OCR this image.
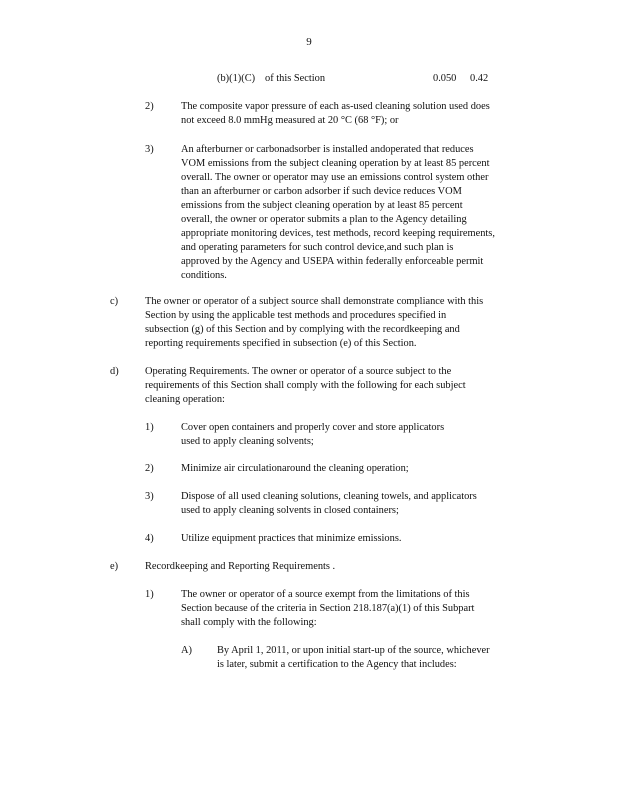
9
(b)(1)(C) of this Section	0.050 0.42
2)	The composite vapor pressure of each as-used cleaning solution used does
not exceed 8.0 mmHg measured at 20 °C (68 °F); or
3)	An afterburner or carbonadsorber is installed andoperated that reduces
VOM emissions from the subject cleaning operation by at least 85 percent
overall. The owner or operator may use an emissions control system other
than an afterburner or carbon adsorber if such device reduces VOM
emissions from the subject cleaning operation by at least 85 percent
overall, the owner or operator submits a plan to the Agency detailing
appropriate monitoring devices, test methods, record keeping requirements,
and operating parameters for such control device,and such plan is
approved by the Agency and USEPA within federally enforceable permit
conditions.
c)	The owner or operator of a subject source shall demonstrate compliance with this
Section by using the applicable test methods and procedures specified in
subsection (g) of this Section and by complying with the recordkeeping and
reporting requirements specified in subsection (e) of this Section.
d)	Operating Requirements. The owner or operator of a source subject to the
requirements of this Section shall comply with the following for each subject
cleaning operation:
1)	Cover open containers and properly cover and store applicators
used to apply cleaning solvents;
2)	Minimize air circulationaround the cleaning operation;
3)	Dispose of all used cleaning solutions, cleaning towels, and applicators
used to apply cleaning solvents in closed containers;
4)	Utilize equipment practices that minimize emissions.
e)	Recordkeeping and Reporting Requirements .
1)	The owner or operator of a source exempt from the limitations of this
Section because of the criteria in Section 218.187(a)(1) of this Subpart
shall comply with the following:
A) By April 1, 2011, or upon initial start-up of the source, whichever
is later, submit a certification to the Agency that includes:
